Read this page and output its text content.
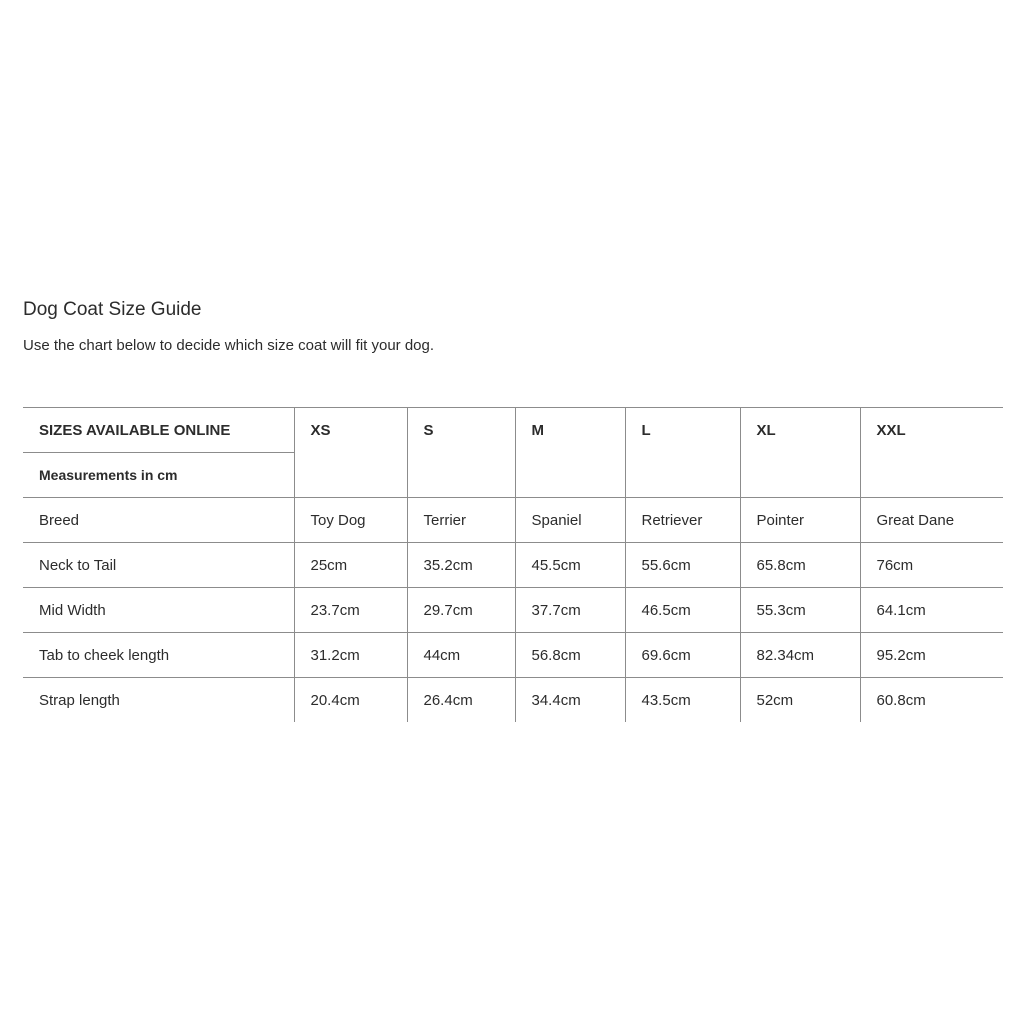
Dog Coat Size Guide

Use the chart below to decide which size coat will fit your dog.

SIZES AVAILABLE ONLINE	XS	S	M	L	XL	XXL
Measurements in cm						
Breed	Toy Dog	Terrier	Spaniel	Retriever	Pointer	Great Dane
Neck to Tail	25cm	35.2cm	45.5cm	55.6cm	65.8cm	76cm
Mid Width	23.7cm	29.7cm	37.7cm	46.5cm	55.3cm	64.1cm
Tab to cheek length	31.2cm	44cm	56.8cm	69.6cm	82.34cm	95.2cm
Strap length	20.4cm	26.4cm	34.4cm	43.5cm	52cm	60.8cm
